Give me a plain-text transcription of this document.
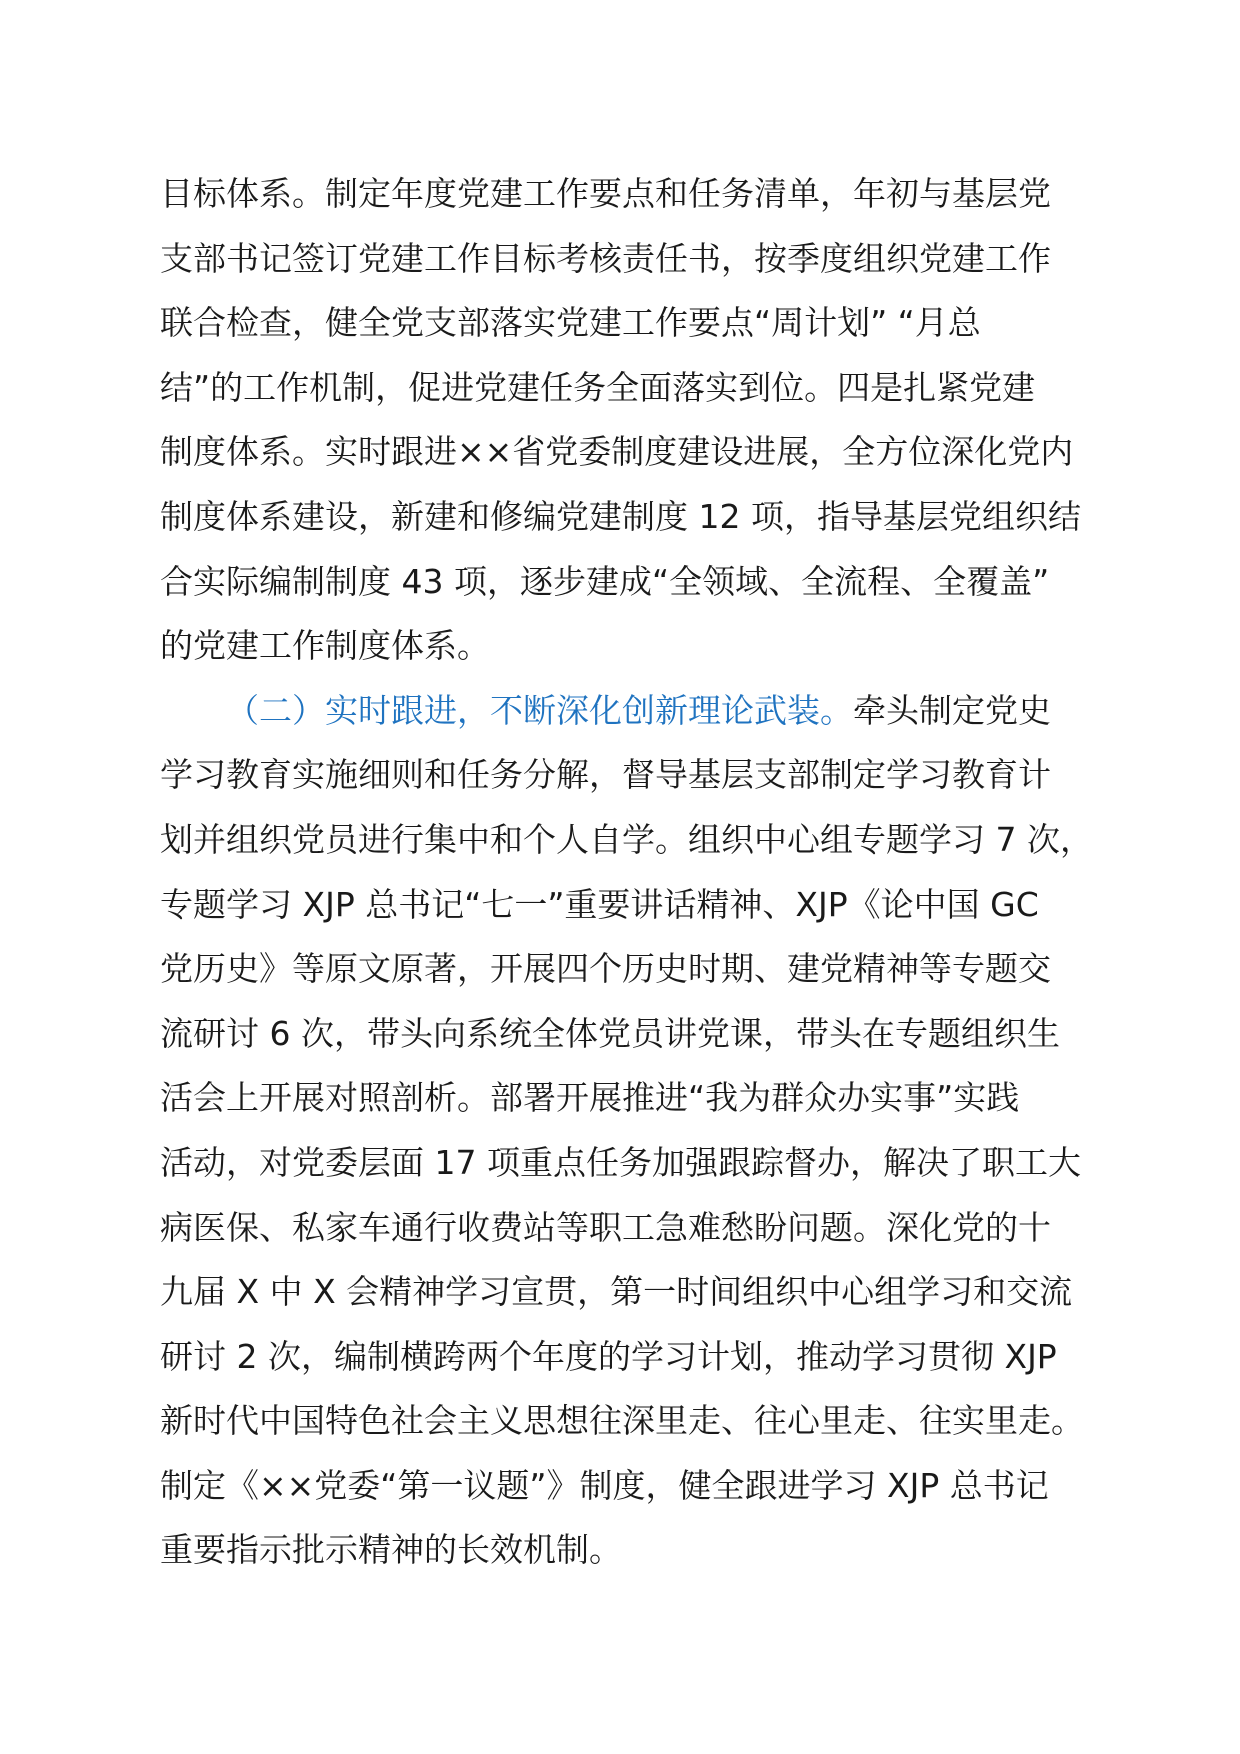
目标体系。制定年度党建工作要点和任务清单，年初与基层党
支部书记签订党建工作目标考核责任书，按季度组织党建工作
联合检查，健全党支部落实党建工作要点“周计划” “月总
结”的工作机制，促进党建任务全面落实到位。四是扎紧党建
制度体系。实时跟进××省党委制度建设进展，全方位深化党内
制度体系建设，新建和修编党建制度 12 项，指导基层党组织结
合实际编制制度 43 项，逐步建成“全领域、全流程、全覆盖”
的党建工作制度体系。
（二）实时跟进，不断深化创新理论武装。牵头制定党史
学习教育实施细则和任务分解，督导基层支部制定学习教育计
划并组织党员进行集中和个人自学。组织中心组专题学习 7 次，
专题学习 XJP 总书记“七一”重要讲话精神、XJP《论中国 GC
党历史》等原文原著，开展四个历史时期、建党精神等专题交
流研讨 6 次，带头向系统全体党员讲党课，带头在专题组织生
活会上开展对照剖析。部署开展推进“我为群众办实事”实践
活动，对党委层面 17 项重点任务加强跟踪督办，解决了职工大
病医保、私家车通行收费站等职工急难愁盼问题。深化党的十
九届 X 中 X 会精神学习宣贯，第一时间组织中心组学习和交流
研讨 2 次，编制横跨两个年度的学习计划，推动学习贯彻 XJP
新时代中国特色社会主义思想往深里走、往心里走、往实里走。
制定《××党委“第一议题”》制度，健全跟进学习 XJP 总书记
重要指示批示精神的长效机制。
